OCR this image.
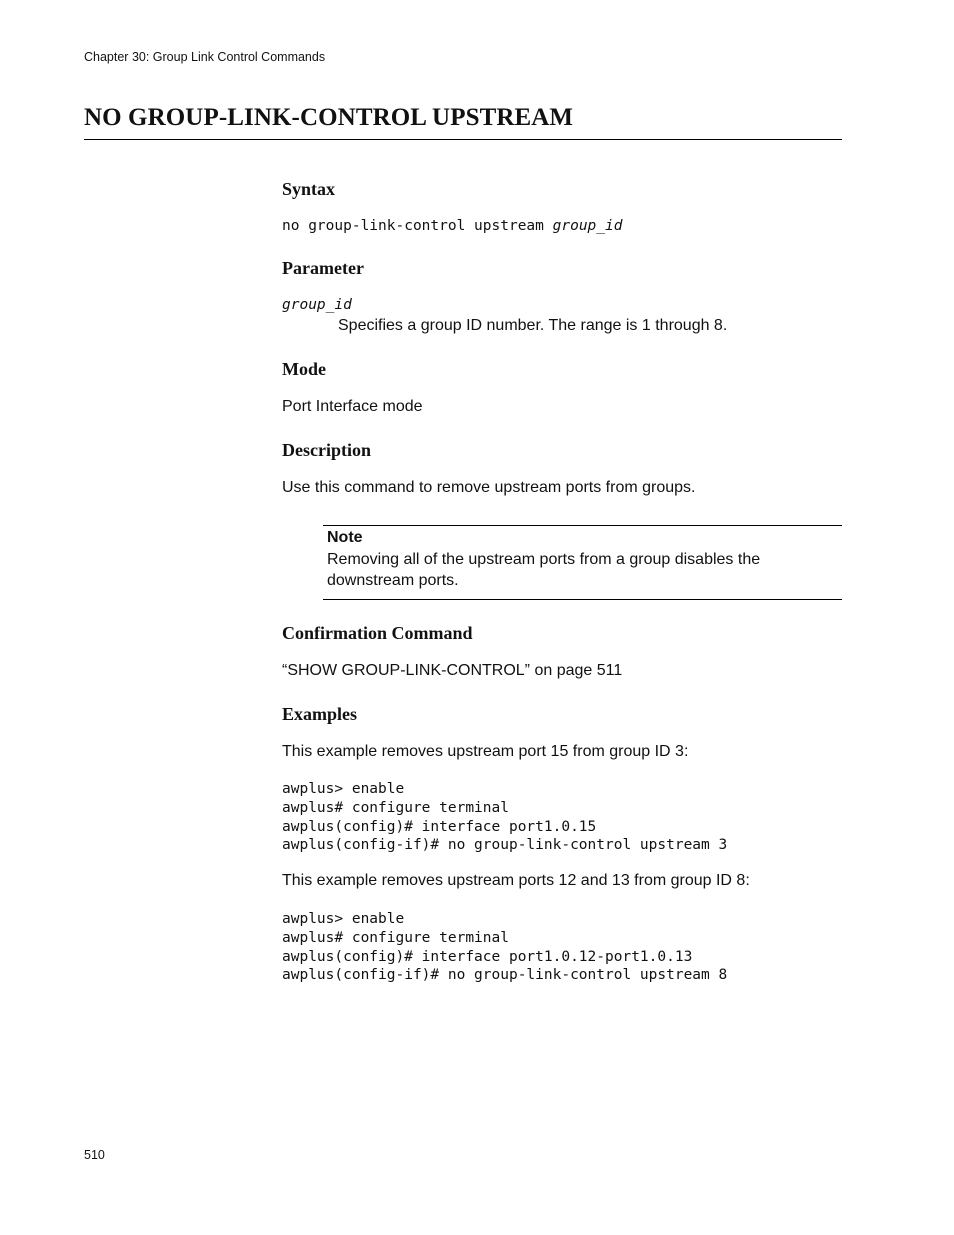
Chapter 30: Group Link Control Commands
NO GROUP-LINK-CONTROL UPSTREAM
Syntax
no group-link-control upstream group_id
Parameter
group_id
Specifies a group ID number. The range is 1 through 8.
Mode
Port Interface mode
Description
Use this command to remove upstream ports from groups.
Note
Removing all of the upstream ports from a group disables the downstream ports.
Confirmation Command
“SHOW GROUP-LINK-CONTROL” on page 511
Examples
This example removes upstream port 15 from group ID 3:
awplus> enable
awplus# configure terminal
awplus(config)# interface port1.0.15
awplus(config-if)# no group-link-control upstream 3
This example removes upstream ports 12 and 13 from group ID 8:
awplus> enable
awplus# configure terminal
awplus(config)# interface port1.0.12-port1.0.13
awplus(config-if)# no group-link-control upstream 8
510
